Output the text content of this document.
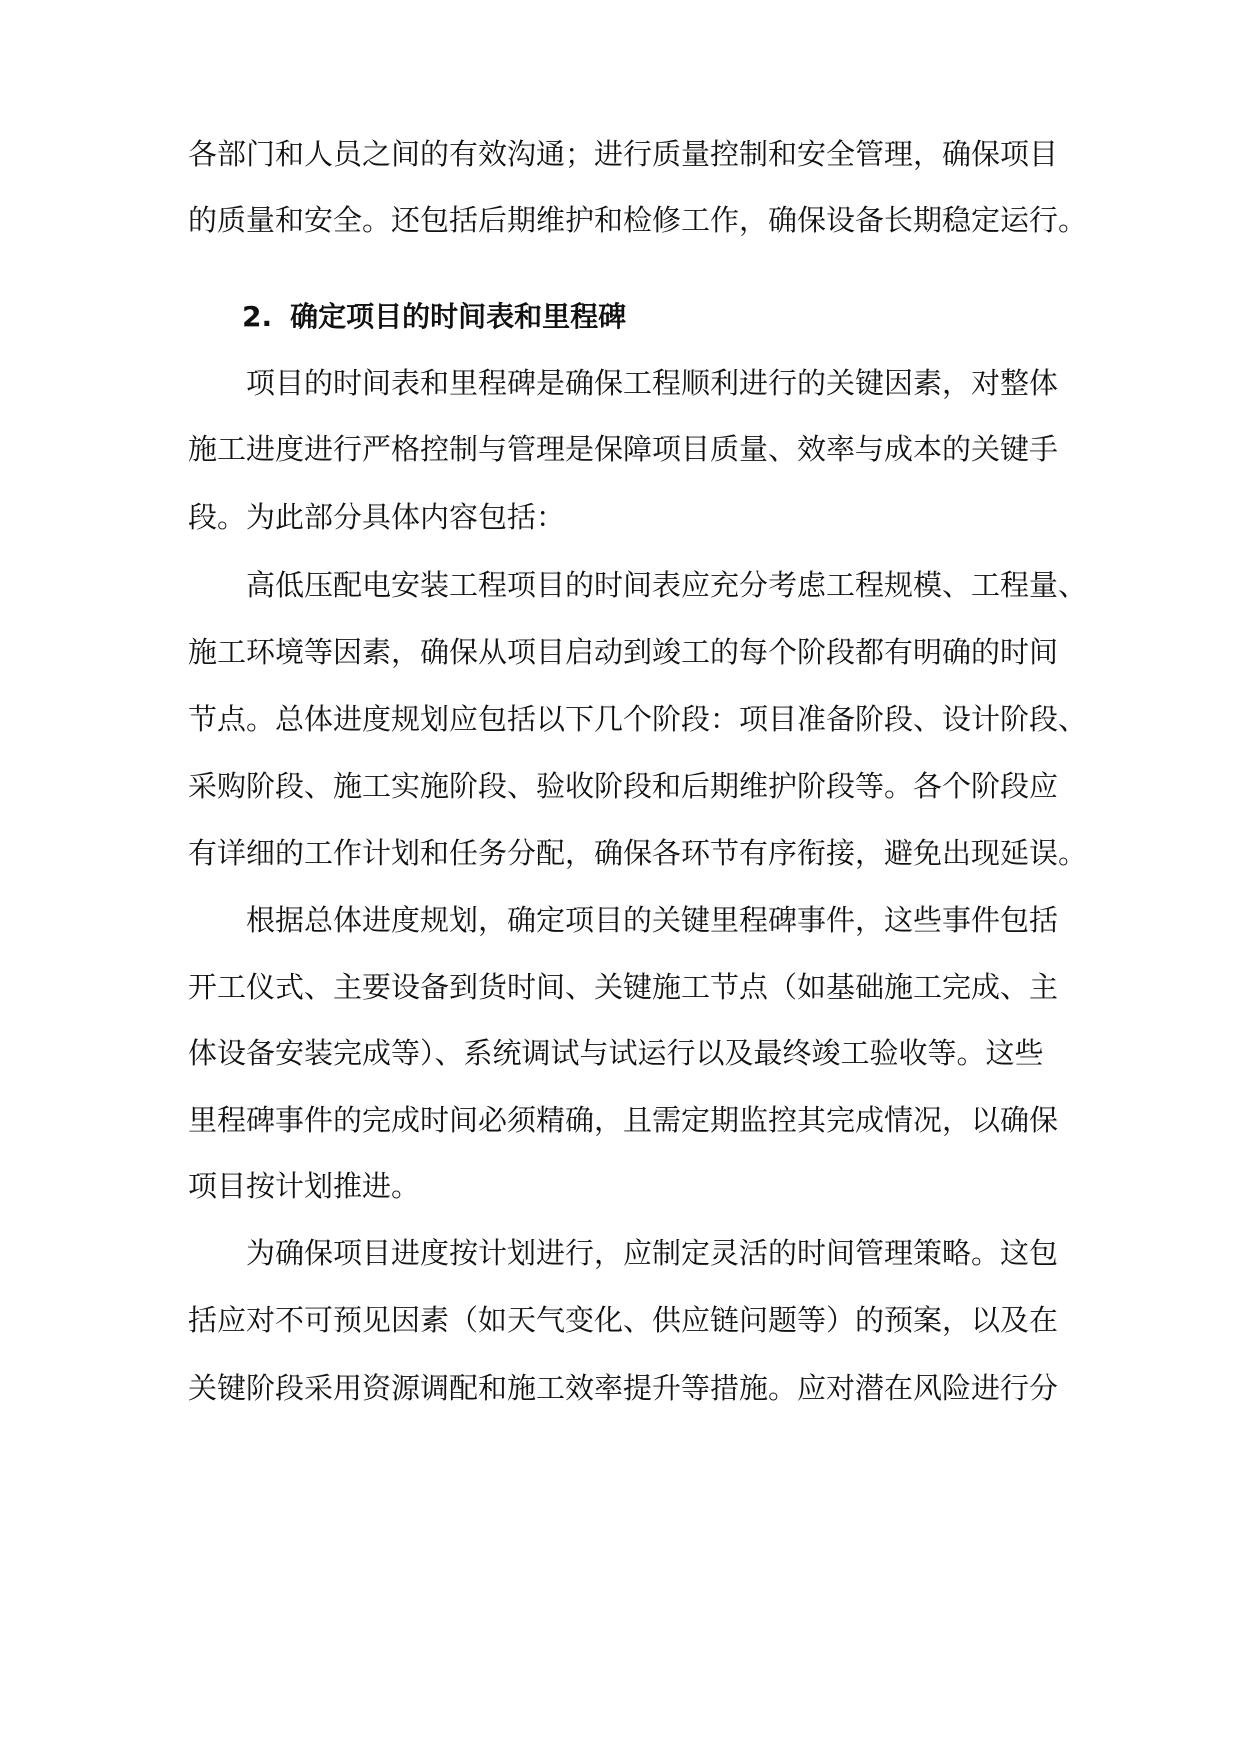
各部门和人员之间的有效沟通；进行质量控制和安全管理，确保项目
的质量和安全。还包括后期维护和检修工作，确保设备长期稳定运行。
2. 确定项目的时间表和里程碑
项目的时间表和里程碑是确保工程顺利进行的关键因素，对整体
施工进度进行严格控制与管理是保障项目质量、效率与成本的关键手
段。为此部分具体内容包括：
高低压配电安装工程项目的时间表应充分考虑工程规模、工程量、
施工环境等因素，确保从项目启动到竣工的每个阶段都有明确的时间
节点。总体进度规划应包括以下几个阶段：项目准备阶段、设计阶段、
采购阶段、施工实施阶段、验收阶段和后期维护阶段等。各个阶段应
有详细的工作计划和任务分配，确保各环节有序衔接，避免出现延误。
根据总体进度规划，确定项目的关键里程碑事件，这些事件包括
开工仪式、主要设备到货时间、关键施工节点（如基础施工完成、主
体设备安装完成等）、系统调试与试运行以及最终竣工验收等。这些
里程碑事件的完成时间必须精确，且需定期监控其完成情况，以确保
项目按计划推进。
为确保项目进度按计划进行，应制定灵活的时间管理策略。这包
括应对不可预见因素（如天气变化、供应链问题等）的预案，以及在
关键阶段采用资源调配和施工效率提升等措施。应对潜在风险进行分
